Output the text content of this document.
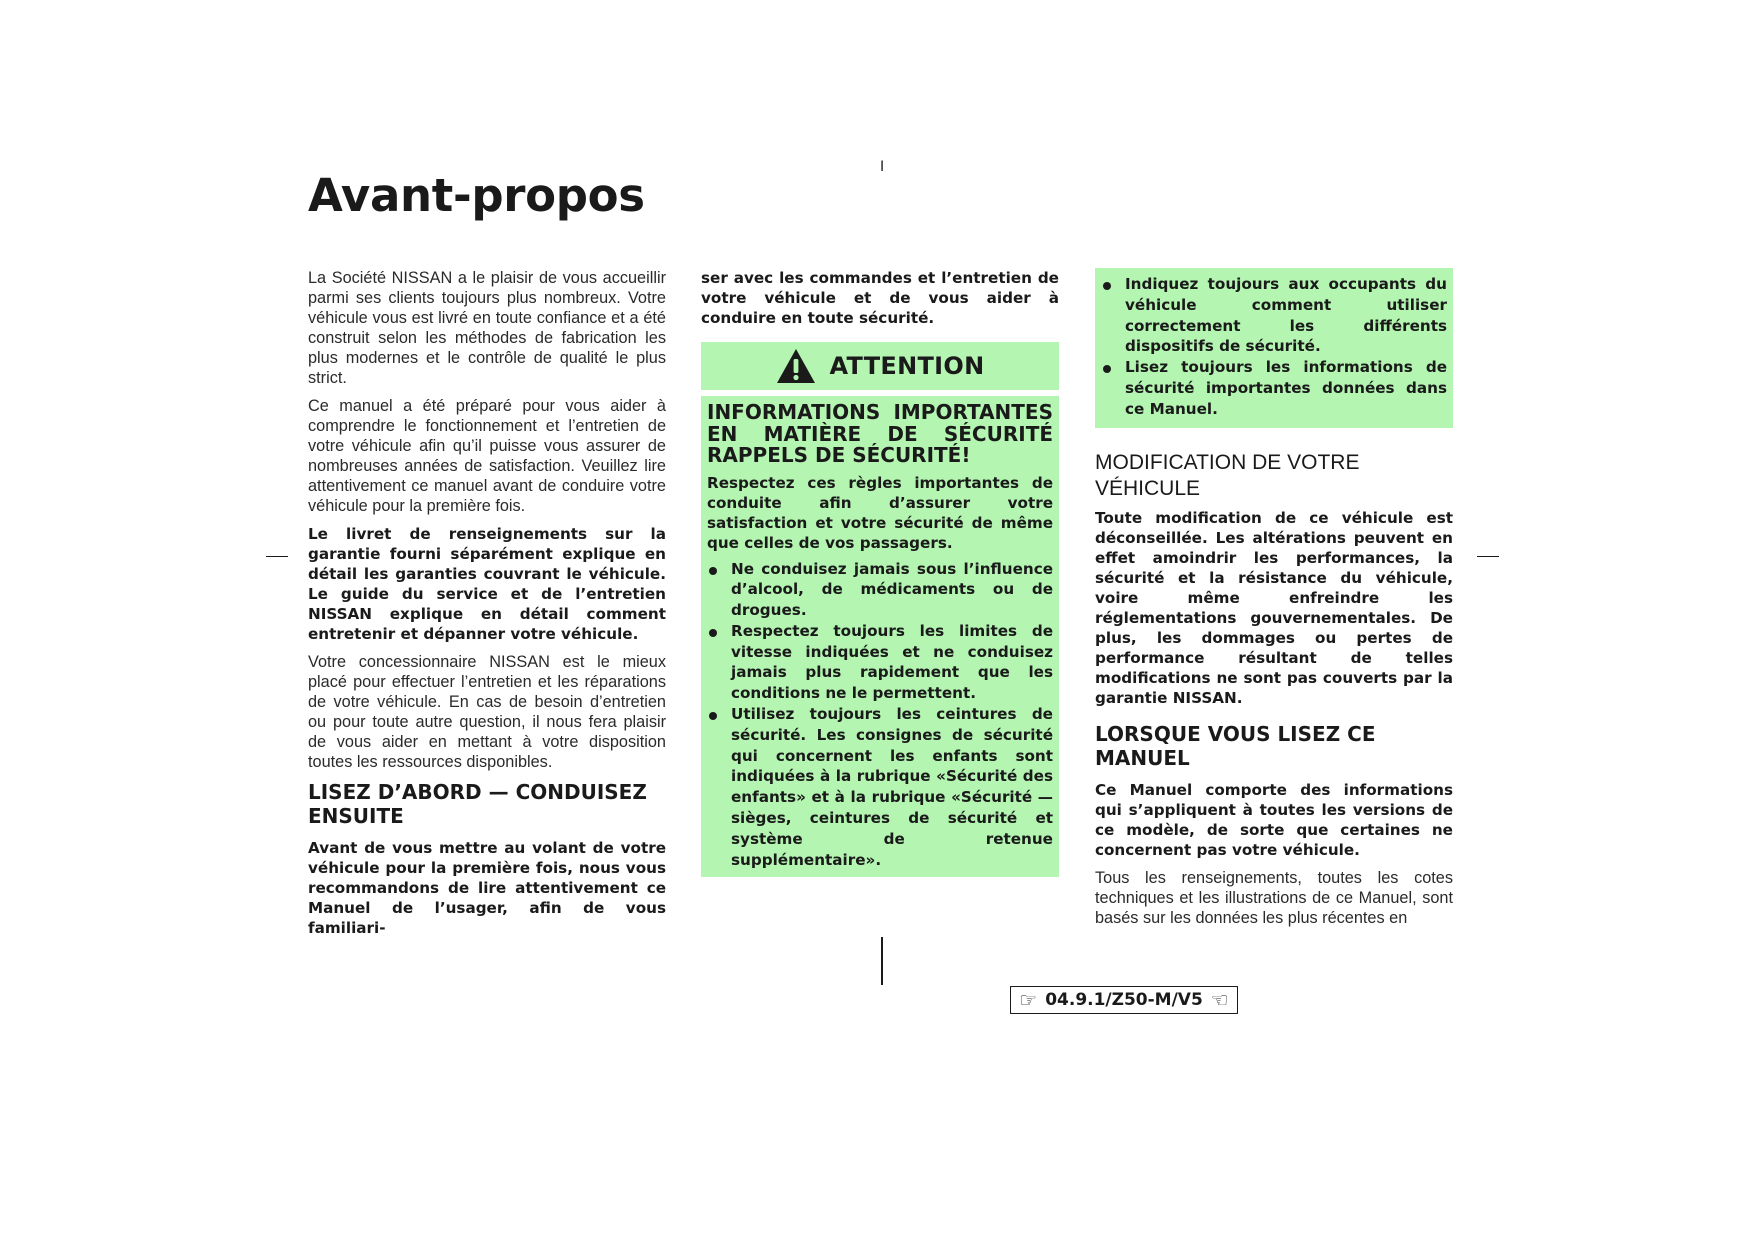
I
Avant-propos

La Société NISSAN a le plaisir de vous accueillir parmi ses clients toujours plus nombreux. Votre véhicule vous est livré en toute confiance et a été construit selon les méthodes de fabrication les plus modernes et le contrôle de qualité le plus strict.

Ce manuel a été préparé pour vous aider à comprendre le fonctionnement et l’entretien de votre véhicule afin qu’il puisse vous assurer de nombreuses années de satisfaction. Veuillez lire attentivement ce manuel avant de conduire votre véhicule pour la première fois.

Le livret de renseignements sur la garantie fourni séparément explique en détail les garanties couvrant le véhicule. Le guide du service et de l’entretien NISSAN explique en détail comment entretenir et dépanner votre véhicule.

Votre concessionnaire NISSAN est le mieux placé pour effectuer l’entretien et les réparations de votre véhicule. En cas de besoin d’entretien ou pour toute autre question, il nous fera plaisir de vous aider en mettant à votre disposition toutes les ressources disponibles.

LISEZ D’ABORD — CONDUISEZ ENSUITE

Avant de vous mettre au volant de votre véhicule pour la première fois, nous vous recommandons de lire attentivement ce Manuel de l’usager, afin de vous familiari-

ser avec les commandes et l’entretien de votre véhicule et de vous aider à conduire en toute sécurité.

ATTENTION
INFORMATIONS IMPORTANTES EN MATIÈRE DE SÉCURITÉ RAPPELS DE SÉCURITÉ!

Respectez ces règles importantes de conduite afin d’assurer votre satisfaction et votre sécurité de même que celles de vos passagers.

Ne conduisez jamais sous l’influence d’alcool, de médicaments ou de drogues.
Respectez toujours les limites de vitesse indiquées et ne conduisez jamais plus rapidement que les conditions ne le permettent.
Utilisez toujours les ceintures de sécurité. Les consignes de sécurité qui concernent les enfants sont indiquées à la rubrique «Sécurité des enfants» et à la rubrique «Sécurité — sièges, ceintures de sécurité et système de retenue supplémentaire».
Indiquez toujours aux occupants du véhicule comment utiliser correctement les différents dispositifs de sécurité.
Lisez toujours les informations de sécurité importantes données dans ce Manuel.
MODIFICATION DE VOTRE VÉHICULE

Toute modification de ce véhicule est déconseillée. Les altérations peuvent en effet amoindrir les performances, la sécurité et la résistance du véhicule, voire même enfreindre les réglementations gouvernementales. De plus, les dommages ou pertes de performance résultant de telles modifications ne sont pas couverts par la garantie NISSAN.

LORSQUE VOUS LISEZ CE MANUEL

Ce Manuel comporte des informations qui s’appliquent à toutes les versions de ce modèle, de sorte que certaines ne concernent pas votre véhicule.

Tous les renseignements, toutes les cotes techniques et les illustrations de ce Manuel, sont basés sur les données les plus récentes en

☞ 04.9.1/Z50-M/V5 ☜
